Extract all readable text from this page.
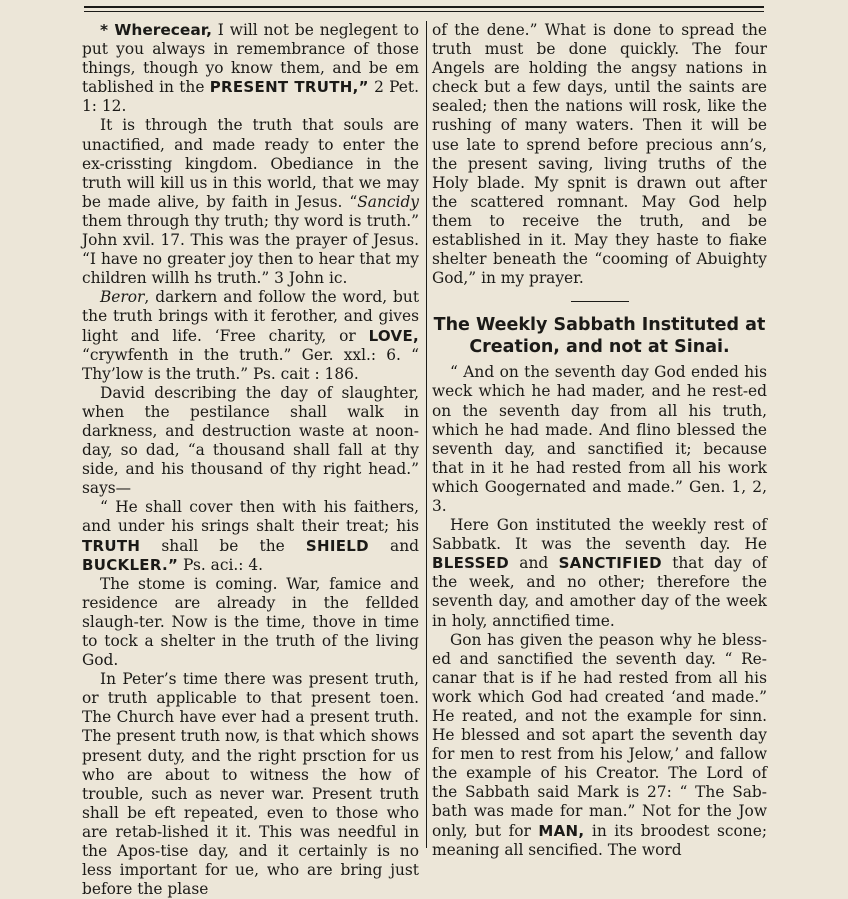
* Wherecear, I will not be neglegent to put you always in remembrance of those things, though yo know them, and be em tablished in the PRESENT TRUTH,” 2 Pet. 1: 12.

It is through the truth that souls are unactified, and made ready to enter the ex-crissting kingdom. Obediance in the truth will kill us in this world, that we may be made alive, by faith in Jesus. “Sancidy them through thy truth; thy word is truth.” John xvil. 17. This was the prayer of Jesus. “I have no greater joy then to hear that my children willh hs truth.” 3 John ic.

Beror, darkern and follow the word, but the truth brings with it ferother, and gives light and life. ‘Free charity, or LOVE, “crywfenth in the truth.” Ger. xxl.: 6. “ Thy’low is the truth.” Ps. cait : 186.

David describing the day of slaughter, when the pestilance shall walk in darkness, and destruction waste at noon-day, so dad, “a thousand shall fall at thy side, and his thousand of thy right head.” says—

“ He shall cover then with his faithers, and under his srings shalt their treat; his TRUTH shall be the SHIELD and BUCKLER.” Ps. aci.: 4.

The stome is coming. War, famice and residence are already in the fellded slaugh-ter. Now is the time, thove in time to tock a shelter in the truth of the living God.

In Peter’s time there was present truth, or truth applicable to that present toen. The Church have ever had a present truth. The present truth now, is that which shows present duty, and the right prsction for us who are about to witness the how of trouble, such as never war. Present truth shall be eft repeated, even to those who are retab-lished it it. This was needful in the Apos-tise day, and it certainly is no less important for ue, who are bring just before the plase

of the dene.” What is done to spread the truth must be done quickly. The four Angels are holding the angsy nations in check but a few days, until the saints are sealed; then the nations will rosk, like the rushing of many waters. Then it will be use late to sprend before precious ann’s, the present saving, living truths of the Holy blade. My spnit is drawn out after the scattered romnant. May God help them to receive the truth, and be established in it. May they haste to fiake shelter beneath the “cooming of Abuighty God,” in my prayer.

The Weekly Sabbath Instituted at Creation, and not at Sinai.

“ And on the seventh day God ended his weck which he had mader, and he rest-ed on the seventh day from all his truth, which he had made. And flino blessed the seventh day, and sanctified it; because that in it he had rested from all his work which Googernated and made.” Gen. 1, 2, 3.

Here Gon instituted the weekly rest of Sabbatk. It was the seventh day. He BLESSED and SANCTIFIED that day of the week, and no other; therefore the seventh day, and amother day of the week in holy, annctified time.

Gon has given the peason why he bless-ed and sanctified the seventh day. “ Re-canar that is if he had rested from all his work which God had created ʻand made.” He reated, and not the example for sinn. He blessed and sot apart the seventh day for men to rest from his Jelow,’ and fallow the example of his Creator. The Lord of the Sabbath said Mark is 27: “ The Sab-bath was made for man.” Not for the Jow only, but for MAN, in its broodest scone; meaning all sencified. The word
